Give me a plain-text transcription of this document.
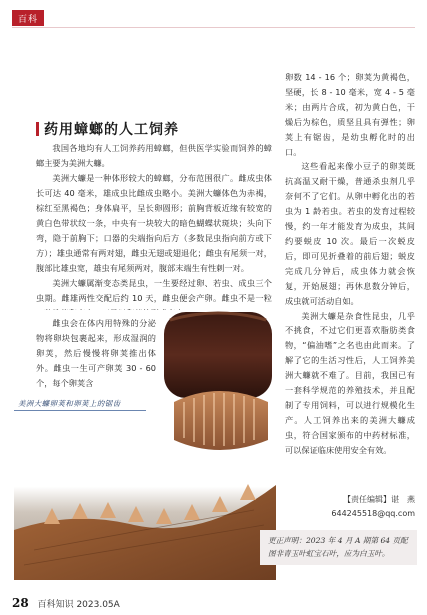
百科
药用蟑螂的人工饲养

我国各地均有人工饲养药用蟑螂，但供医学实验而饲养的蟑螂主要为美洲大蠊。

美洲大蠊是一种体形较大的蟑螂，分布范围很广。雌成虫体长可达 40 毫米，雄成虫比雌成虫略小。美洲大蠊体色为赤褐，棕红至黑褐色；身体扁平，呈长卵圆形；前胸背板近缘有较宽的黄白色带状纹一条，中央有一块较大的暗色蝴蝶状斑块；头向下弯，隐于前胸下；口器的尖端指向后方（多数昆虫指向前方或下方）；雄虫通常有两对翅，雌虫无翅或翅退化；雌虫有尾须一对，腹部比雄虫宽，雄虫有尾须两对，腹部末端生有性刺一对。

美洲大蠊属渐变态类昆虫，一生要经过卵、若虫、成虫三个虫期。雌雄两性交配后约 10 天，雌虫便会产卵。雌虫不是一粒

雌虫会在体内用特殊的分泌物将卵块包裹起来，形成湿润的卵荚，然后慢慢将卵荚推出体外。雌虫一生可产卵荚 30 - 60 个，每个卵荚含

美洲大蠊卵荚和卵荚上的锯齿

卵数 14 - 16 个；卵荚为黄褐色，坚硬，长 8 - 10 毫米，宽 4 - 5 毫米；由两片合成，初为黄白色，干燥后为棕色，质坚且具有弹性；卵荚上有锯齿，是幼虫孵化时的出口。

这些看起来像小豆子的卵荚既抗高温又耐干燥，普通杀虫剂几乎奈何不了它们。从卵中孵化出的若虫为 1 龄若虫。若虫的发育过程较慢，约一年才能发育为成虫，其间约要蜕皮 10 次。最后一次蜕皮后，即可见折叠着的前后翅；蜕皮完成几分钟后，成虫体力就会恢复，开始展翅；再休息数分钟后，成虫就可活动自如。

美洲大蠊是杂食性昆虫，几乎不挑食，不过它们更喜欢脂肪类食物，“偏油嗜”之名也由此而来。了解了它的生活习性后，人工饲养美洲大蠊就不难了。目前，我国已有一套科学规范的养殖技术，并且配制了专用饲料，可以进行规模化生产。人工饲养出来的美洲大蠊成虫，符合国家颁布的中药材标准，可以保证临床使用安全有效。

【责任编辑】谌　燕
644245518@qq.com
更正声明：2023 年 4 月 A 期第 64 页配图非青玉叶虹宝石叶，应为白玉叶。
28 百科知识 2023.05A
